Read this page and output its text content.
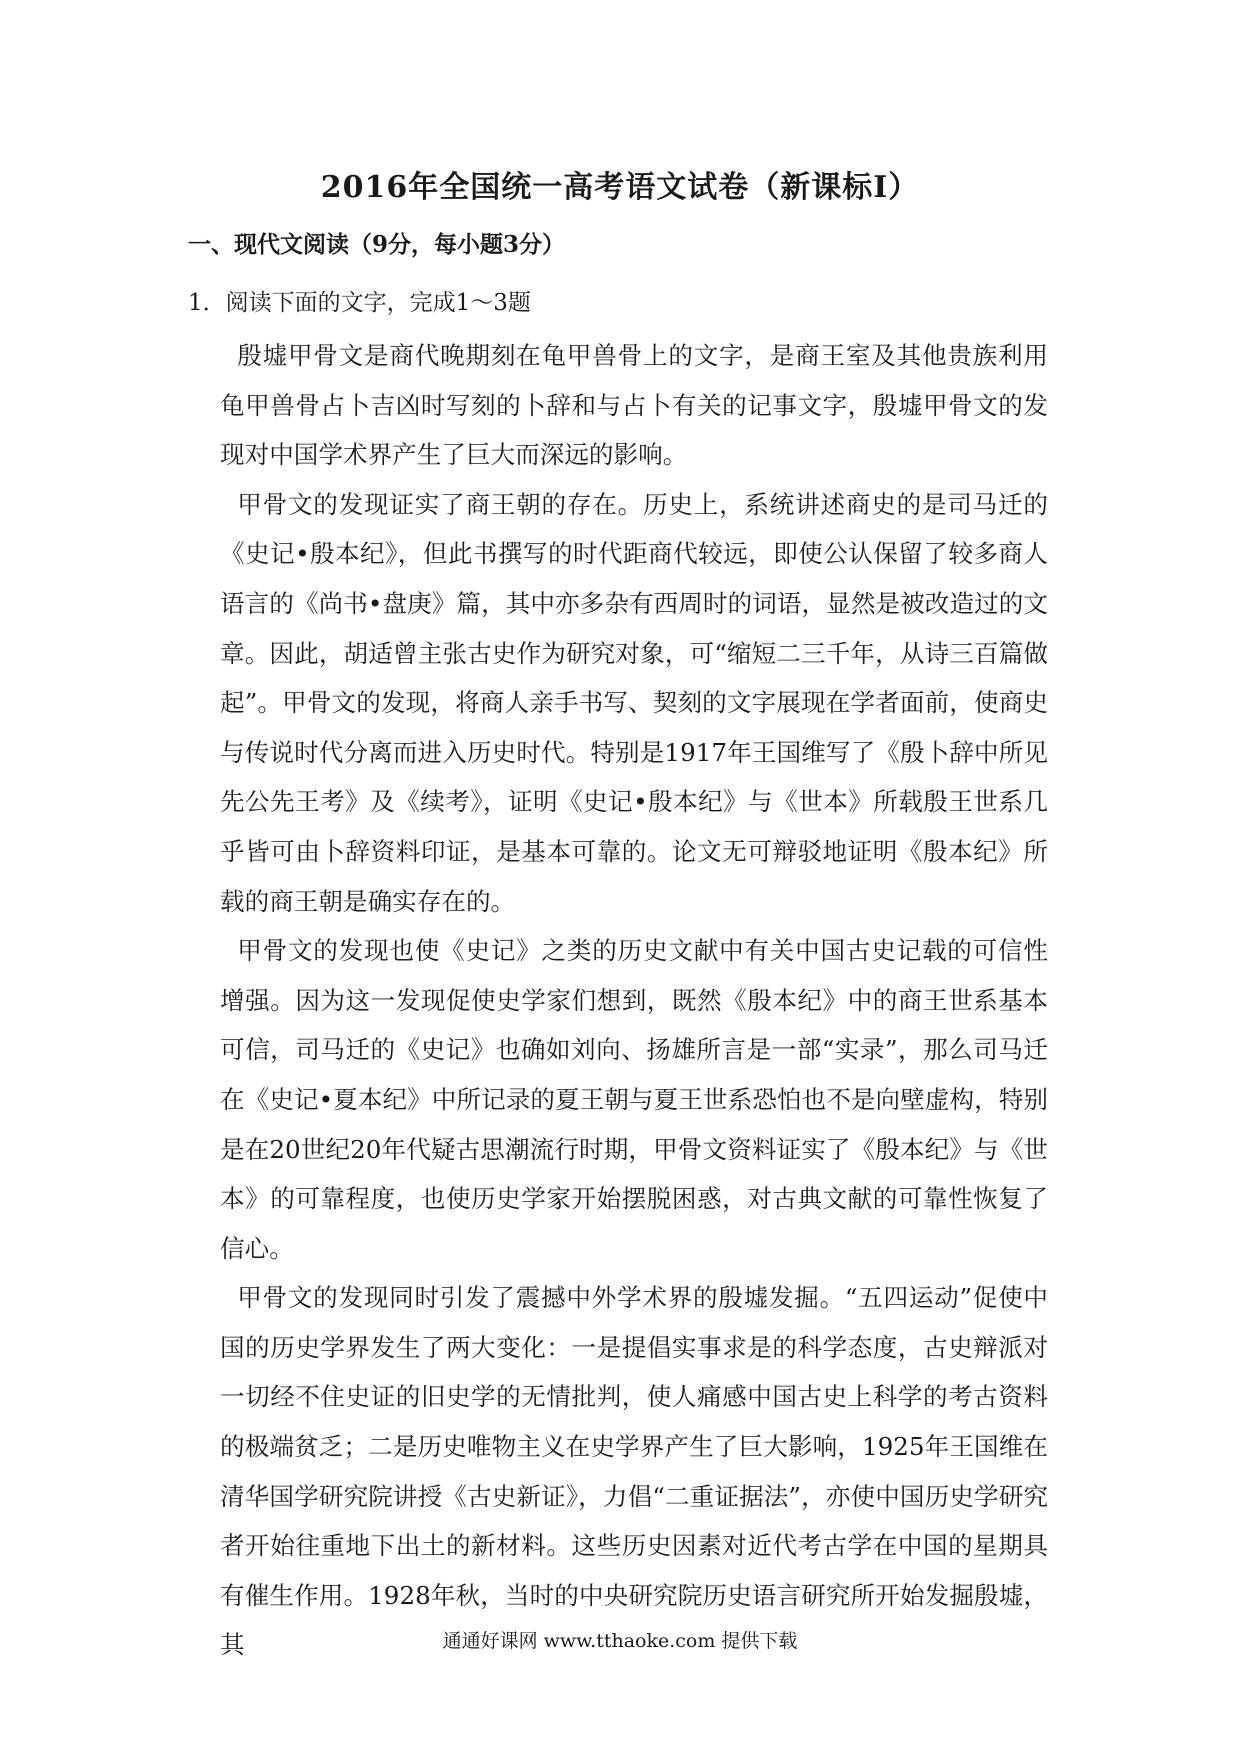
2016年全国统一高考语文试卷（新课标Ⅰ）
一、现代文阅读（9分，每小题3分）
1．阅读下面的文字，完成1～3题

殷墟甲骨文是商代晚期刻在龟甲兽骨上的文字，是商王室及其他贵族利用龟甲兽骨占卜吉凶时写刻的卜辞和与占卜有关的记事文字，殷墟甲骨文的发现对中国学术界产生了巨大而深远的影响。

甲骨文的发现证实了商王朝的存在。历史上，系统讲述商史的是司马迁的《史记•殷本纪》，但此书撰写的时代距商代较远，即使公认保留了较多商人语言的《尚书•盘庚》篇，其中亦多杂有西周时的词语，显然是被改造过的文章。因此，胡适曾主张古史作为研究对象，可“缩短二三千年，从诗三百篇做起”。甲骨文的发现，将商人亲手书写、契刻的文字展现在学者面前，使商史与传说时代分离而进入历史时代。特别是1917年王国维写了《殷卜辞中所见先公先王考》及《续考》，证明《史记•殷本纪》与《世本》所载殷王世系几乎皆可由卜辞资料印证，是基本可靠的。论文无可辩驳地证明《殷本纪》所载的商王朝是确实存在的。

甲骨文的发现也使《史记》之类的历史文献中有关中国古史记载的可信性增强。因为这一发现促使史学家们想到，既然《殷本纪》中的商王世系基本可信，司马迁的《史记》也确如刘向、扬雄所言是一部“实录”，那么司马迁在《史记•夏本纪》中所记录的夏王朝与夏王世系恐怕也不是向壁虚构，特别是在20世纪20年代疑古思潮流行时期，甲骨文资料证实了《殷本纪》与《世本》的可靠程度，也使历史学家开始摆脱困惑，对古典文献的可靠性恢复了信心。

甲骨文的发现同时引发了震撼中外学术界的殷墟发掘。“五四运动”促使中国的历史学界发生了两大变化：一是提倡实事求是的科学态度，古史辩派对一切经不住史证的旧史学的无情批判，使人痛感中国古史上科学的考古资料的极端贫乏；二是历史唯物主义在史学界产生了巨大影响，1925年王国维在清华国学研究院讲授《古史新证》，力倡“二重证据法”，亦使中国历史学研究者开始往重地下出土的新材料。这些历史因素对近代考古学在中国的星期具有催生作用。1928年秋，当时的中央研究院历史语言研究所开始发掘殷墟，其	通通好课网 www.tthaoke.com 提供下载
